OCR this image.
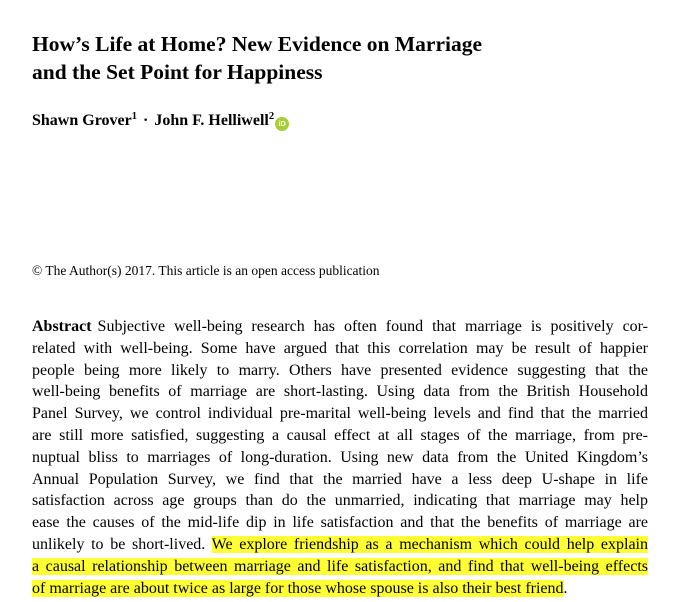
How’s Life at Home? New Evidence on Marriage
and the Set Point for Happiness
Shawn Grover$^1$ · John F. Helliwell$^2$iD
© The Author(s) 2017. This article is an open access publication
Abstract Subjective well-being research has often found that marriage is positively cor-
related with well-being. Some have argued that this correlation may be result of happier
people being more likely to marry. Others have presented evidence suggesting that the
well-being benefits of marriage are short-lasting. Using data from the British Household
Panel Survey, we control individual pre-marital well-being levels and find that the married
are still more satisfied, suggesting a causal effect at all stages of the marriage, from pre-
nuptual bliss to marriages of long-duration. Using new data from the United Kingdom’s
Annual Population Survey, we find that the married have a less deep U-shape in life
satisfaction across age groups than do the unmarried, indicating that marriage may help
ease the causes of the mid-life dip in life satisfaction and that the benefits of marriage are
unlikely to be short-lived. We explore friendship as a mechanism which could help explain
a causal relationship between marriage and life satisfaction, and find that well-being effects
of marriage are about twice as large for those whose spouse is also their best friend.
